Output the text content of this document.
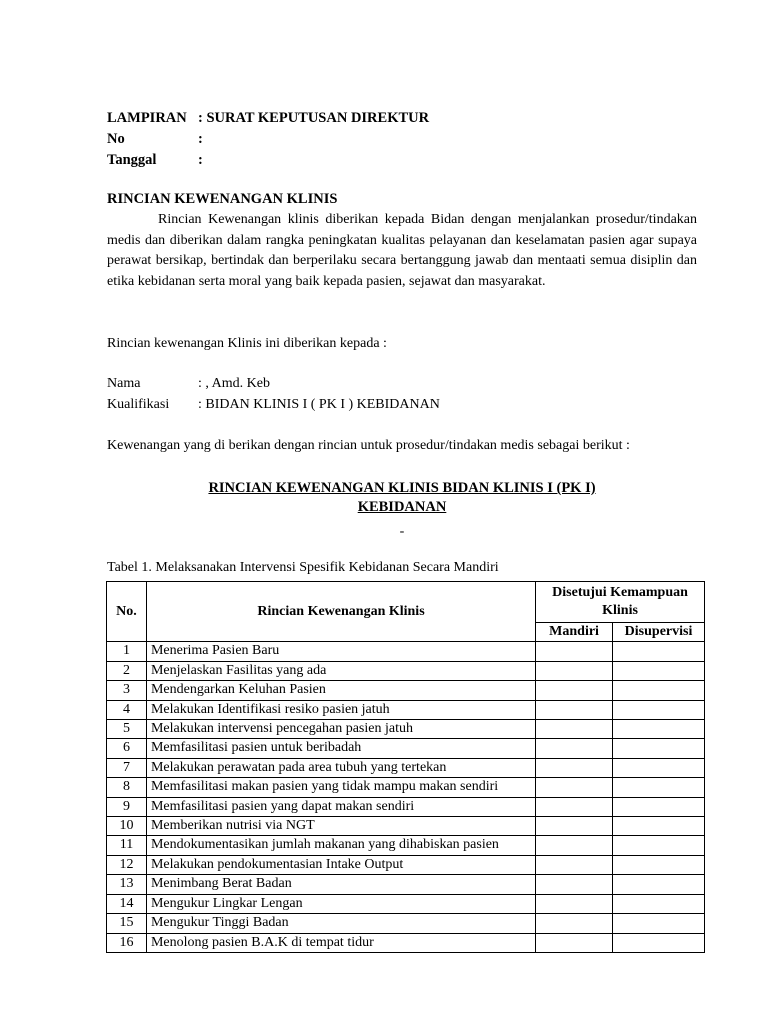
LAMPIRAN : SURAT KEPUTUSAN DIREKTUR
No	:
Tanggal	:
RINCIAN KEWENANGAN KLINIS
Rincian Kewenangan klinis diberikan kepada Bidan dengan menjalankan prosedur/tindakan medis dan diberikan dalam rangka peningkatan kualitas pelayanan dan keselamatan pasien agar supaya perawat bersikap, bertindak dan berperilaku secara bertanggung jawab dan mentaati semua disiplin dan etika kebidanan serta moral yang baik kepada pasien, sejawat dan masyarakat.
Rincian kewenangan Klinis ini diberikan kepada :
Nama	: , Amd. Keb
Kualifikasi : BIDAN KLINIS I ( PK I ) KEBIDANAN
Kewenangan yang di berikan dengan rincian untuk prosedur/tindakan medis sebagai berikut :
RINCIAN KEWENANGAN KLINIS BIDAN KLINIS I (PK I)
KEBIDANAN
-
Tabel 1. Melaksanakan Intervensi Spesifik Kebidanan Secara Mandiri
No.	Rincian Kewenangan Klinis	Disetujui Kemampuan Klinis	
		Mandiri	Disupervisi
1	Menerima Pasien Baru		
2	Menjelaskan Fasilitas yang ada		
3	Mendengarkan Keluhan Pasien		
4	Melakukan Identifikasi resiko pasien jatuh		
5	Melakukan intervensi pencegahan pasien jatuh		
6	Memfasilitasi pasien untuk beribadah		
7	Melakukan perawatan pada area tubuh yang tertekan		
8	Memfasilitasi makan pasien yang tidak mampu makan sendiri		
9	Memfasilitasi pasien yang dapat makan sendiri		
10	Memberikan nutrisi via NGT		
11	Mendokumentasikan jumlah makanan yang dihabiskan pasien		
12	Melakukan pendokumentasian Intake Output		
13	Menimbang Berat Badan		
14	Mengukur Lingkar Lengan		
15	Mengukur Tinggi Badan		
16	Menolong pasien B.A.K di tempat tidur		
